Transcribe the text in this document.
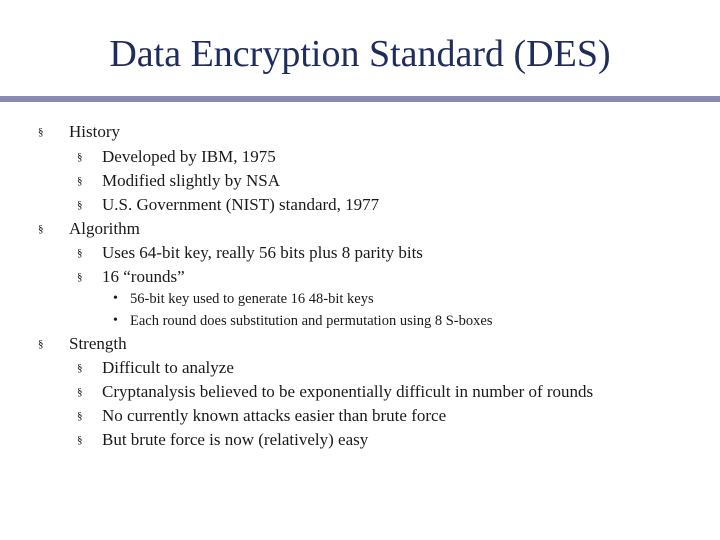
Data Encryption Standard (DES)
§ History
§ Developed by IBM, 1975
§ Modified slightly by NSA
§ U.S. Government (NIST) standard, 1977
§ Algorithm
§ Uses 64-bit key, really 56 bits plus 8 parity bits
§ 16 “rounds”
• 56-bit key used to generate 16 48-bit keys
• Each round does substitution and permutation using 8 S-boxes
§ Strength
§ Difficult to analyze
§ Cryptanalysis believed to be exponentially difficult in number of rounds
§ No currently known attacks easier than brute force
§ But brute force is now (relatively) easy
